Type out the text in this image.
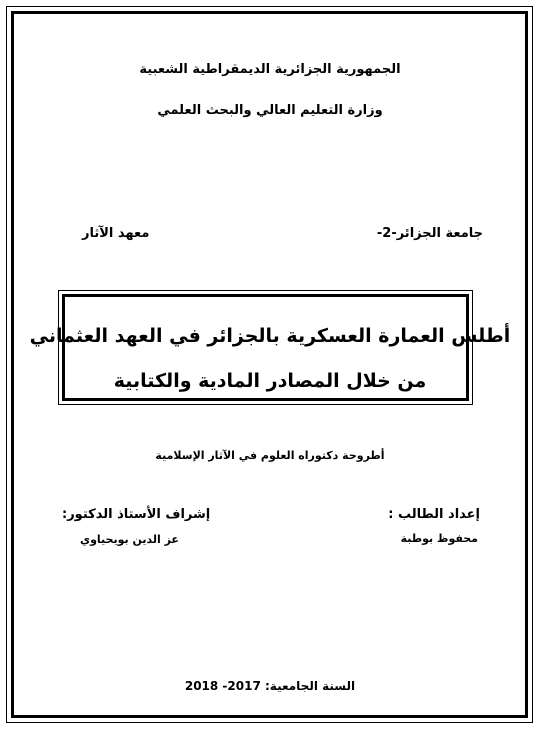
الجمهورية الجزائرية الديمقراطية الشعبية
وزارة التعليم العالي والبحث العلمي
جامعة الجزائر-2-
معهد الآثار
أطلس العمارة العسكرية بالجزائر في العهد العثماني
من خلال المصادر المادية والكتابية
أطروحة دكتوراه العلوم في الآثار الإسلامية
إعداد الطالب :
محفوظ بوطبة
إشراف الأستاذ الدكتور:
عز الدين بويحياوي
السنة الجامعية: 2017- 2018
